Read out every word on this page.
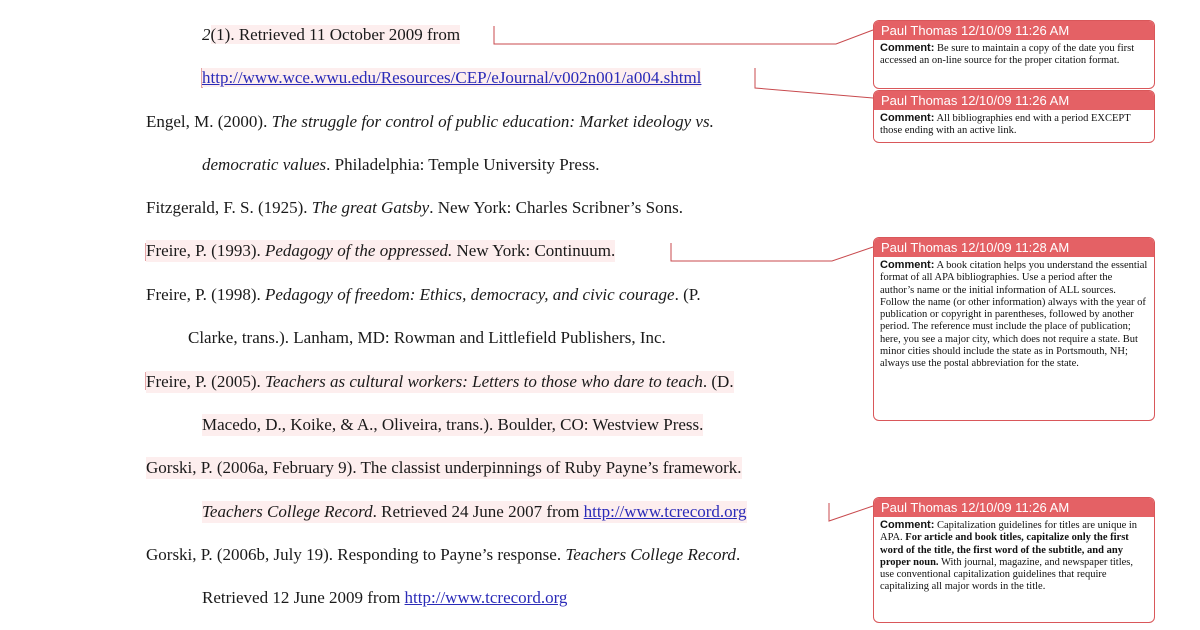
2(1). Retrieved 11 October 2009 from
http://www.wce.wwu.edu/Resources/CEP/eJournal/v002n001/a004.shtml
Engel, M. (2000). The struggle for control of public education: Market ideology vs.
democratic values. Philadelphia: Temple University Press.
Fitzgerald, F. S. (1925). The great Gatsby. New York: Charles Scribner’s Sons.
Freire, P. (1993). Pedagogy of the oppressed. New York: Continuum.
Freire, P. (1998). Pedagogy of freedom: Ethics, democracy, and civic courage. (P.
Clarke, trans.). Lanham, MD: Rowman and Littlefield Publishers, Inc.
Freire, P. (2005). Teachers as cultural workers: Letters to those who dare to teach. (D.
Macedo, D., Koike, & A., Oliveira, trans.). Boulder, CO: Westview Press.
Gorski, P. (2006a, February 9). The classist underpinnings of Ruby Payne’s framework.
Teachers College Record. Retrieved 24 June 2007 from http://www.tcrecord.org
Gorski, P. (2006b, July 19). Responding to Payne’s response. Teachers College Record.
Retrieved 12 June 2009 from http://www.tcrecord.org
Paul Thomas 12/10/09 11:26 AM
Comment: Be sure to maintain a copy of the date you first accessed an on-line source for the proper citation format.
Paul Thomas 12/10/09 11:26 AM
Comment: All bibliographies end with a period EXCEPT those ending with an active link.
Paul Thomas 12/10/09 11:28 AM
Comment: A book citation helps you understand the essential format of all APA bibliographies. Use a period after the author’s name or the initial information of ALL sources. Follow the name (or other information) always with the year of publication or copyright in parentheses, followed by another period. The reference must include the place of publication; here, you see a major city, which does not require a state. But minor cities should include the state as in Portsmouth, NH; always use the postal abbreviation for the state.
Paul Thomas 12/10/09 11:26 AM
Comment: Capitalization guidelines for titles are unique in APA. For article and book titles, capitalize only the first word of the title, the first word of the subtitle, and any proper noun. With journal, magazine, and newspaper titles, use conventional capitalization guidelines that require capitalizing all major words in the title.
